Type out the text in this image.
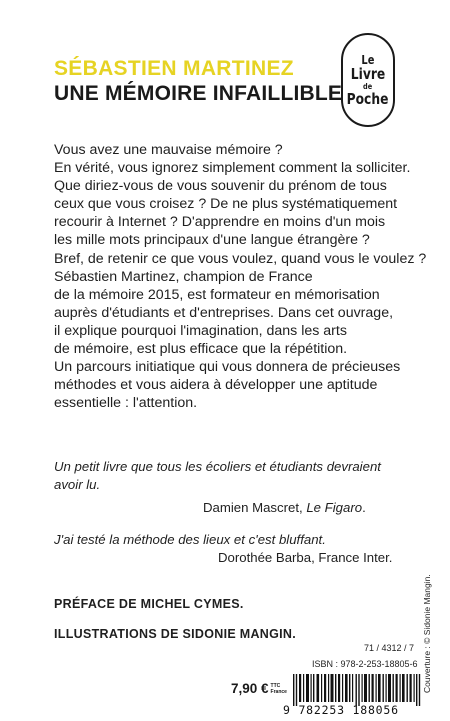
SÉBASTIEN MARTINEZ
UNE MÉMOIRE INFAILLIBLE
Le
Livre
de
Poche

Vous avez une mauvaise mémoire ?

En vérité, vous ignorez simplement comment la solliciter.

Que diriez-vous de vous souvenir du prénom de tous

ceux que vous croisez ? De ne plus systématiquement

recourir à Internet ? D'apprendre en moins d'un mois

les mille mots principaux d'une langue étrangère ?

Bref, de retenir ce que vous voulez, quand vous le voulez ?

Sébastien Martinez, champion de France

de la mémoire 2015, est formateur en mémorisation

auprès d'étudiants et d'entreprises. Dans cet ouvrage,

il explique pourquoi l'imagination, dans les arts

de mémoire, est plus efficace que la répétition.

Un parcours initiatique qui vous donnera de précieuses

méthodes et vous aidera à développer une aptitude

essentielle : l'attention.

Un petit livre que tous les écoliers et étudiants devraient

avoir lu.

Damien Mascret, Le Figaro.
J'ai testé la méthode des lieux et c'est bluffant.
Dorothée Barba, France Inter.
PRÉFACE DE MICHEL CYMES.
ILLUSTRATIONS DE SIDONIE MANGIN.	Couverture : © Sidonie Mangin.
71 / 4312 / 7
ISBN : 978-2-253-18805-6
7,90 € TTC
France
9 782253 188056
